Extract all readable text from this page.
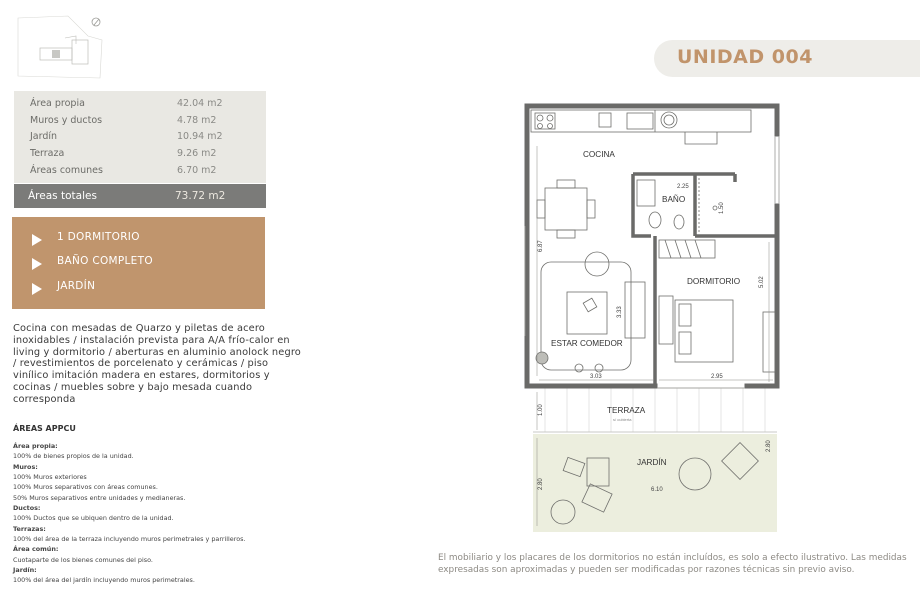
Área propia	42.04 m2
Muros y ductos	4.78 m2
Jardín	10.94 m2
Terraza	9.26 m2
Áreas comunes	6.70 m2
Áreas totales	73.72 m2
1 DORMITORIO
BAÑO COMPLETO
JARDÍN
Cocina con mesadas de Quarzo y piletas de acero inoxidables / instalación prevista para A/A frío-calor en living y dormitorio / aberturas en aluminio anolock negro / revestimientos de porcelenato y cerámicas / piso vinílico imitación madera en estares, dormitorios y cocinas / muebles sobre y bajo mesada cuando corresponda
ÁREAS APPCU
Área propia:
100% de bienes propios de la unidad.
Muros:
100% Muros exteriores
100% Muros separativos con áreas comunes.
50% Muros separativos entre unidades y medianeras.
Ductos:
100% Ductos que se ubiquen dentro de la unidad.
Terrazas:
100% del área de la terraza incluyendo muros perimetrales y parrilleros.
Área común:
Cuotaparte de los bienes comunes del piso.
Jardín:
100% del área del jardín incluyendo muros perimetrales.
UNIDAD 004
COCINA
BAÑO
DORMITORIO
ESTAR COMEDOR
TERRAZA
s/ cubierta
JARDÍN
2.25
1.50
6.87
5.02
3.33
3.03	2.95
1.00
2.80	6.10
2.80
El mobiliario y los placares de los dormitorios no están incluídos, es solo a efecto ilustrativo. Las medidas expresadas son aproximadas y pueden ser modificadas por razones técnicas sin previo aviso.
